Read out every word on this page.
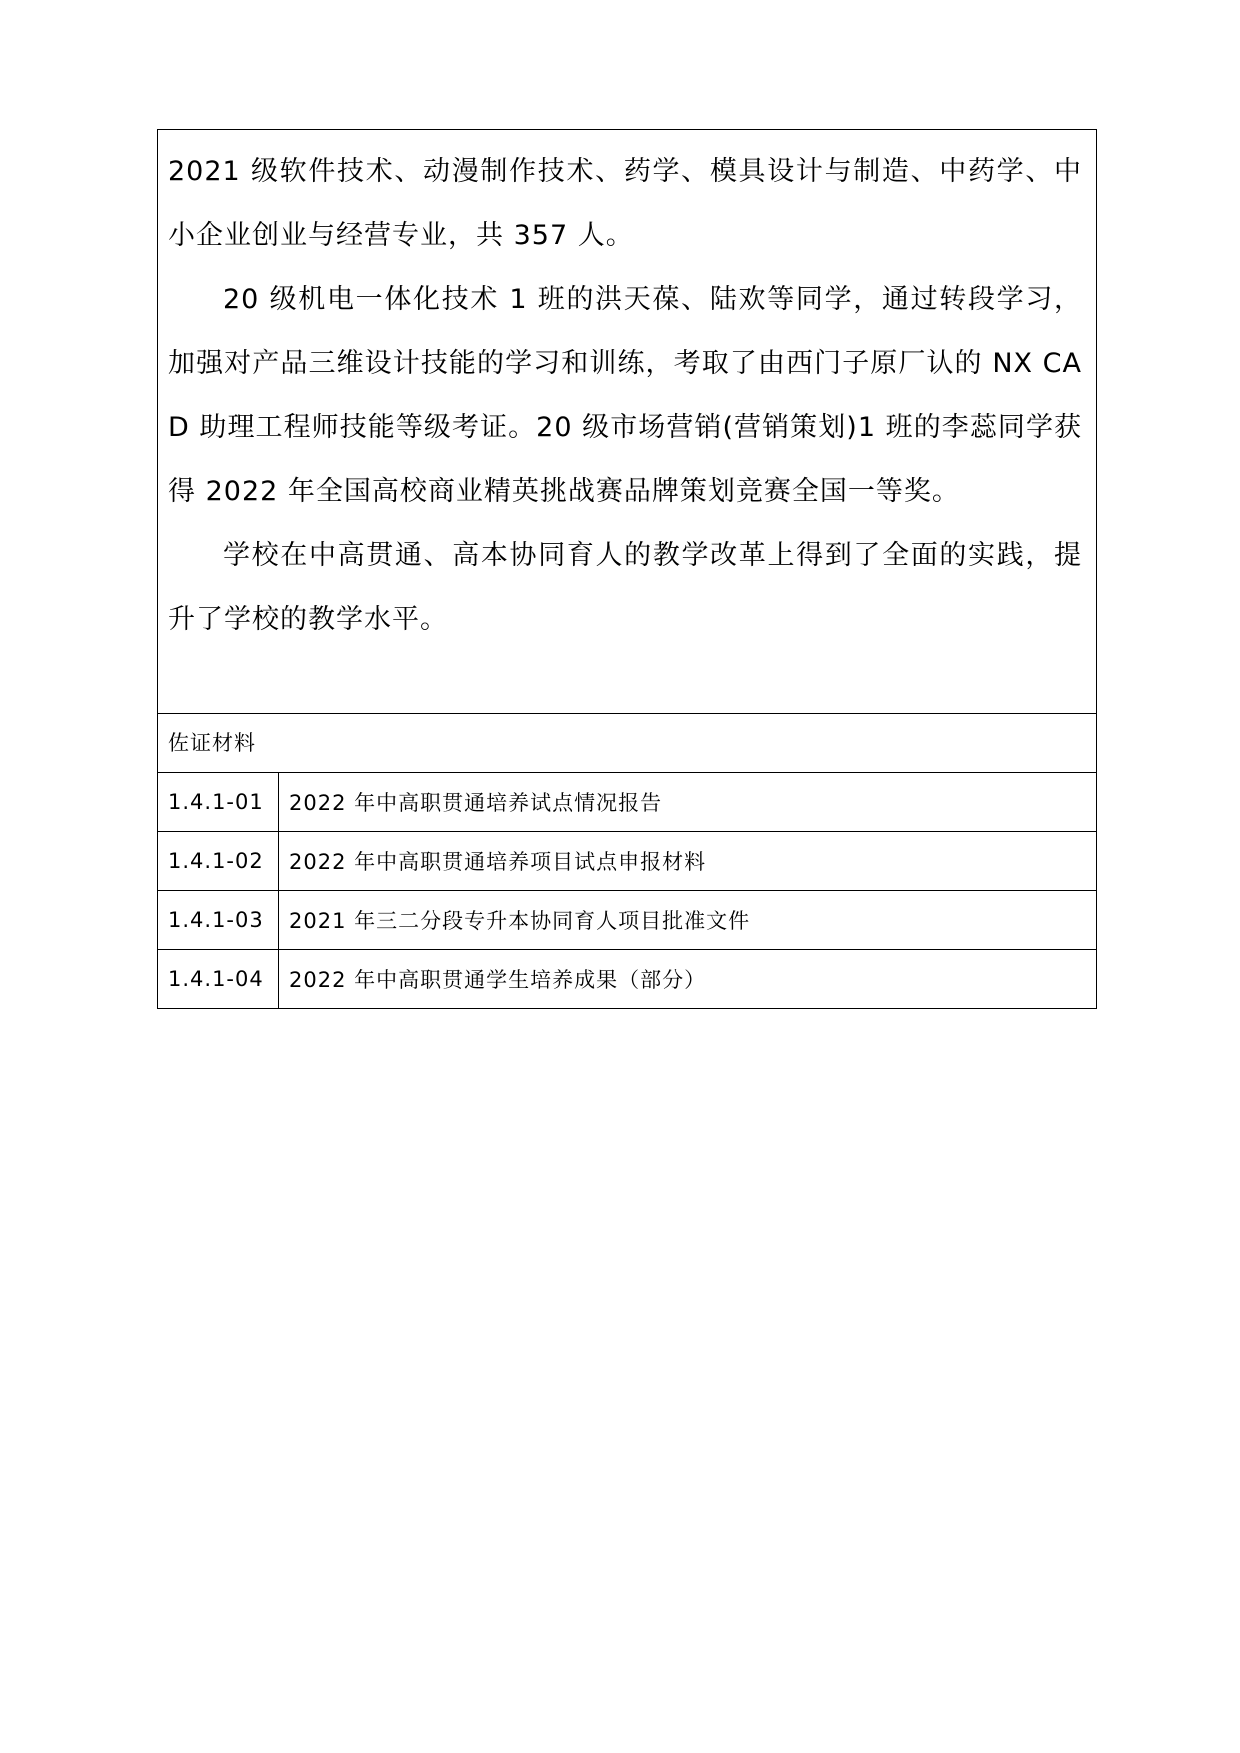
2021 级软件技术、动漫制作技术、药学、模具设计与制造、中药学、中小企业创业与经营专业，共 357 人。

20 级机电一体化技术 1 班的洪天葆、陆欢等同学，通过转段学习，加强对产品三维设计技能的学习和训练，考取了由西门子原厂认的 NX CAD 助理工程师技能等级考证。20 级市场营销(营销策划)1 班的李蕊同学获得 2022 年全国高校商业精英挑战赛品牌策划竞赛全国一等奖。

学校在中高贯通、高本协同育人的教学改革上得到了全面的实践，提升了学校的教学水平。	

佐证材料	
1.4.1-01	2022 年中高职贯通培养试点情况报告
1.4.1-02	2022 年中高职贯通培养项目试点申报材料
1.4.1-03	2021 年三二分段专升本协同育人项目批准文件
1.4.1-04	2022 年中高职贯通学生培养成果（部分）
